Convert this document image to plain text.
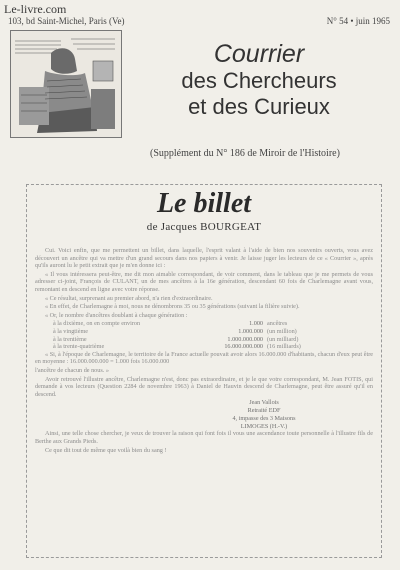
Le-livre.com
103, bd Saint-Michel, Paris (Ve)	N° 54 • juin 1965
Courrier
des Chercheurs
et des Curieux
(Supplément du N° 186 de Miroir de l'Histoire)
Le billet
de Jacques BOURGEAT

Cui. Voici enfin, que me permettent un billet, dans laquelle, l'esprit valant à l'aide de bien nos souvenirs ouverts, vous avez découvert un ancêtre qui va mettre d'un grand secours dans nos papiers à venir. Je laisse juger les lecteurs de ce « Courrier », après qu'ils auront lu le petit extrait que je m'en donne ici :

« Il vous intéressera peut-être, me dit mon aimable correspondant, de voir comment, dans le tableau que je me permets de vous adresser ci-joint, François de CULANT, un de mes ancêtres à la 16e génération, descendant 60 fois de Charlemagne avant vous, remontant en descend en ligne avec votre réponse.

« Ce résultat, surprenant au premier abord, n'a rien d'extraordinaire.

« En effet, de Charlemagne à moi, nous ne dénombrons 35 ou 35 générations (suivant la filière suivie).

« Or, le nombre d'ancêtres doublant à chaque génération :

à la dixième, on en compte environ	1.000 ancêtres
à la vingtième	1.000.000 (un million)
à la trentième	1.000.000.000 (un milliard)
à la trente-quatrième	16.000.000.000 (16 milliards)

« Si, à l'époque de Charlemagne, le territoire de la France actuelle pouvait avoir alors 16.000.000 d'habitants, chacun d'eux peut être en moyenne : 16.000.000.000 = 1.000 fois 16.000.000

l'ancêtre de chacun de nous. »

Avoir retrouvé l'illustre ancêtre, Charlemagne n'est, donc pas extraordinaire, et je le que votre correspondant, M. Jean FOTIS, qui demande à vos lecteurs (Question 2284 de novembre 1963) à Daniel de Hauvin descend de Charlemagne, peut être assuré qu'il en descend.

Jean Vallois
Retraité EDF
4, impasse des 3 Maisons
LIMOGES (H.-V.)

Ainsi, une telle chose chercher, je veux de trouver la raison qui font fois il vous une ascendance toute personnelle à l'illustre fils de Berthe aux Grands Pieds.

Ce que dit tout de même que voilà bien du sang !
